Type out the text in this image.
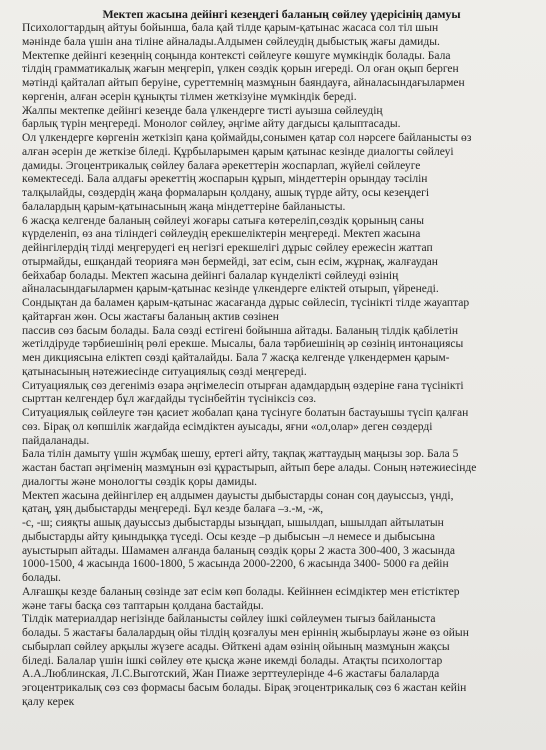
Мектеп жасына дейінгі кезеңдегі баланың сөйлеу үдерісінің дамуы
Психологтардың айтуы бойынша, бала қай тілде қарым-қатынас жасаса сол тіл шын
мәнінде бала үшін ана тіліне айналады.Алдымен сөйлеудің дыбыстық жағы дамиды.
Мектепке дейінгі кезеңнің соңында контексті сөйлеуге көшуге мүмкіндік болады. Бала
тілдің грамматикалық жағын меңгеріп, үлкен сөздік қорын игереді. Ол оған оқып берген
мәтінді қайталап айтып беруіне, суреттемнің мазмұнын баяндауға, айналасындағылармен
көргенін, алған әсерін құнықты тілмен жеткізуіне мүмкіндік береді.
Жалпы мектепке дейінгі кезеңде бала үлкендерге тисті ауызша сөйлеудің
барлық түрін меңгереді. Монолог сөйлеу, әңгіме айту дағдысы қалыптасады.
Ол үлкендерге көргенін жеткізіп қана қоймайды,сонымен қатар сол нәрсеге байланысты өз
алған әсерін де жеткізе біледі. Құрбыларымен қарым қатынас кезінде диалогты сөйлеуі
дамиды. Эгоцентрикалық сөйлеу балаға әрекеттерін жоспарлап, жүйелі сөйлеуге
көмектеседі. Бала алдағы әрекеттің жоспарын құрып, міндеттерін орындау тәсілін
талқылайды, сөздердің жаңа формаларын қолдану, ашық түрде айту, осы кезеңдегі
балалардың қарым-қатынасының жаңа міндеттеріне байланысты.
6 жасқа келгенде баланың сөйлеуі жоғары сатыға көтереліп,сөздік қорының саны
күрделеніп, өз ана тіліндегі сөйлеудің ерекшеліктерін меңгереді. Мектеп жасына
дейінгілердің тілді меңгерудегі ең негізгі ерекшелігі дұрыс сөйлеу ережесін жаттап
отырмайды, ешқандай теорияға мән бермейді, зат есім, сын есім, жұрнақ, жалғаудан
бейхабар болады. Мектеп жасына дейінгі балалар күнделікті сөйлеуді өзінің
айналасындағылармен қарым-қатынас кезінде үлкендерге еліктей отырып, үйренеді.
Сондықтан да баламен қарым-қатынас жасағанда дұрыс сөйлесіп, түсінікті тілде жауаптар
қайтарған жөн. Осы жастағы баланың актив сөзінен
пассив сөз басым болады. Бала сөзді естігені бойынша айтады. Баланың тілдік қабілетін
жетілдіруде тәрбиешінің рөлі ерекше. Мысалы, бала тәрбиешінің әр сөзінің интонациясы
мен дикциясына еліктеп сөзді қайталайды. Бала 7 жасқа келгенде үлкендермен қарым-
қатынасының нәтежиесінде ситуациялық сөзді меңгереді.
Ситуациялық сөз дегеніміз өзара әңгімелесіп отырған адамдардың өздеріне ғана түсінікті
сырттан келгендер бұл жағдайды түсінбейтін түсініксіз сөз.
Ситуациялық сөйлеуге тән қасиет жобалап қана түсінуге болатын бастауышы түсіп қалған
сөз. Бірақ ол көпшілік жағдайда есімдіктен ауысады, яғни «ол,олар» деген сөздерді
пайдаланады.
Бала тілін дамыту үшін жұмбақ шешу, ертегі айту, тақпақ жаттаудың маңызы зор. Бала 5
жастан бастап әңгіменің мазмұнын өзі құрастырып, айтып бере алады. Соның нәтежиесінде
диалогты және монологты сөздік қоры дамиды.
Мектеп жасына дейінгілер ең алдымен дауысты дыбыстарды сонан соң дауыссыз, үнді,
қатаң, ұяң дыбыстарды меңгереді. Бұл кезде балаға –з.-м, -ж,
-с, -ш; сияқты ашық дауыссыз дыбыстарды ызыңдап, ышылдап, ышылдап айтылатын
дыбыстарды айту қиындыққа түседі. Осы кезде –р дыбысын –л немесе и дыбысына
ауыстырып айтады. Шамамен алғанда баланың сөздік қоры 2 жаста 300-400, 3 жасында
1000-1500, 4 жасында 1600-1800, 5 жасында 2000-2200, 6 жасында 3400- 5000 ға дейін
болады.
Алғашқы кезде баланың сөзінде зат есім көп болады. Кейіннен есімдіктер мен етістіктер
және тағы басқа сөз таптарын қолдана бастайды.
Тілдік материалдар негізінде байланысты сөйлеу ішкі сөйлеумен тығыз байланыста
болады. 5 жастағы балалардың ойы тілдің қозғалуы мен еріннің жыбырлауы және өз ойын
сыбырлап сөйлеу арқылы жүзеге асады. Өйткені адам өзінің ойының мазмұнын жақсы
біледі. Балалар үшін ішкі сөйлеу өте қысқа және икемді болады. Атақты психологтар
А.А.Люблинская, Л.С.Выготский, Жан Пиаже зерттеулерінде 4-6 жастағы балаларда
эгоцентрикалық сөз сөз формасы басым болады. Бірақ эгоцентрикалық сөз 6 жастан кейін
қалу керек
